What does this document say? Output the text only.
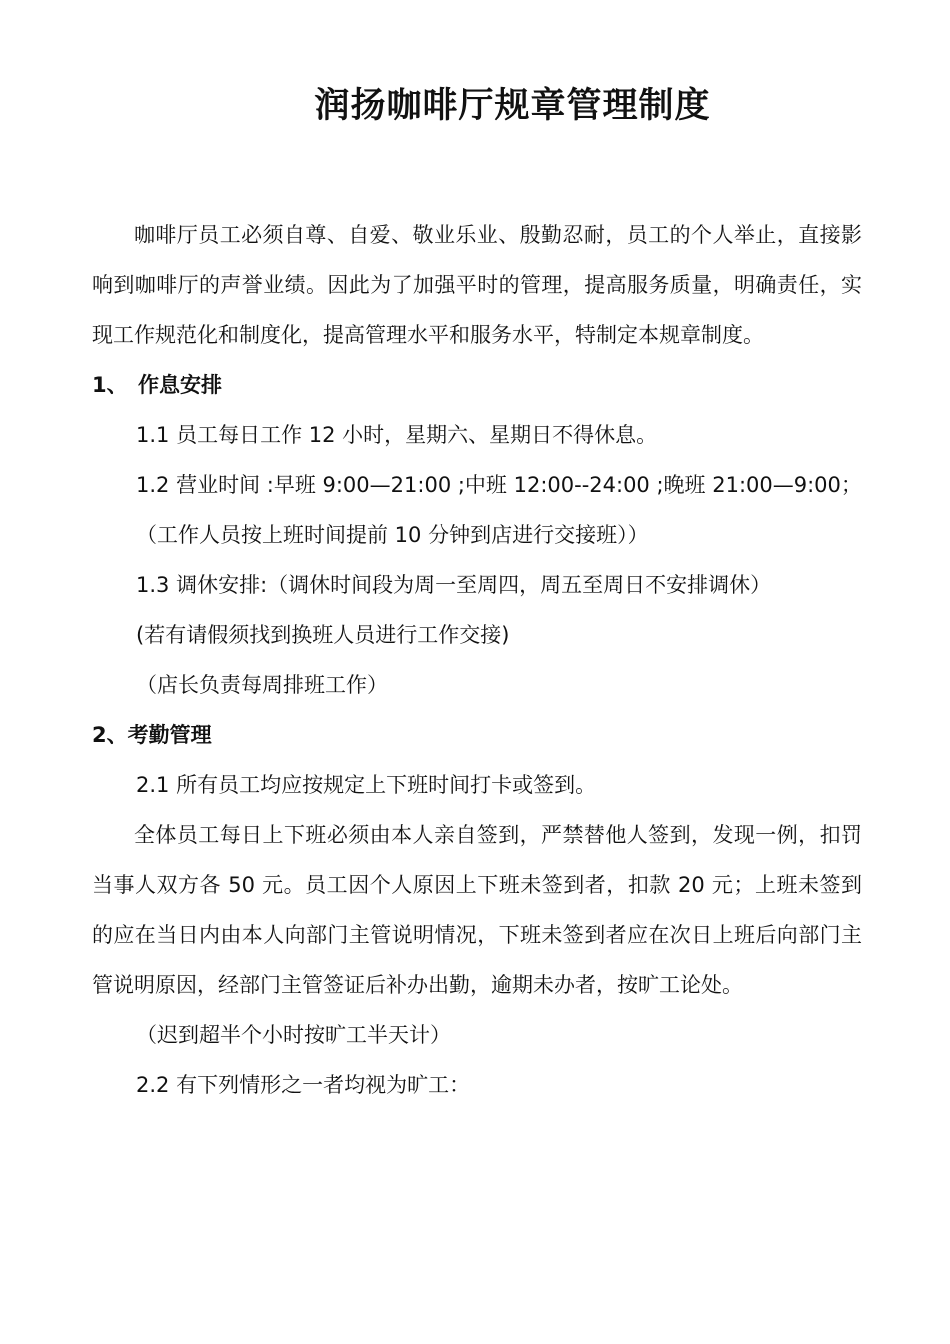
润扬咖啡厅规章管理制度

咖啡厅员工必须自尊、自爱、敬业乐业、殷勤忍耐，员工的个人举止，直接影响到咖啡厅的声誉业绩。因此为了加强平时的管理，提高服务质量，明确责任，实现工作规范化和制度化，提高管理水平和服务水平，特制定本规章制度。

1、 作息安排

1.1 员工每日工作 12 小时，星期六、星期日不得休息。

1.2 营业时间 :早班 9:00—21:00 ;中班 12:00--24:00 ;晚班 21:00—9:00；

（工作人员按上班时间提前 10 分钟到店进行交接班））

1.3 调休安排:（调休时间段为周一至周四，周五至周日不安排调休）

(若有请假须找到换班人员进行工作交接)

（店长负责每周排班工作）

2、考勤管理

2.1 所有员工均应按规定上下班时间打卡或签到。

全体员工每日上下班必须由本人亲自签到，严禁替他人签到，发现一例，扣罚当事人双方各 50 元。员工因个人原因上下班未签到者，扣款 20 元；上班未签到的应在当日内由本人向部门主管说明情况，下班未签到者应在次日上班后向部门主管说明原因，经部门主管签证后补办出勤，逾期未办者，按旷工论处。

（迟到超半个小时按旷工半天计）

2.2 有下列情形之一者均视为旷工：
